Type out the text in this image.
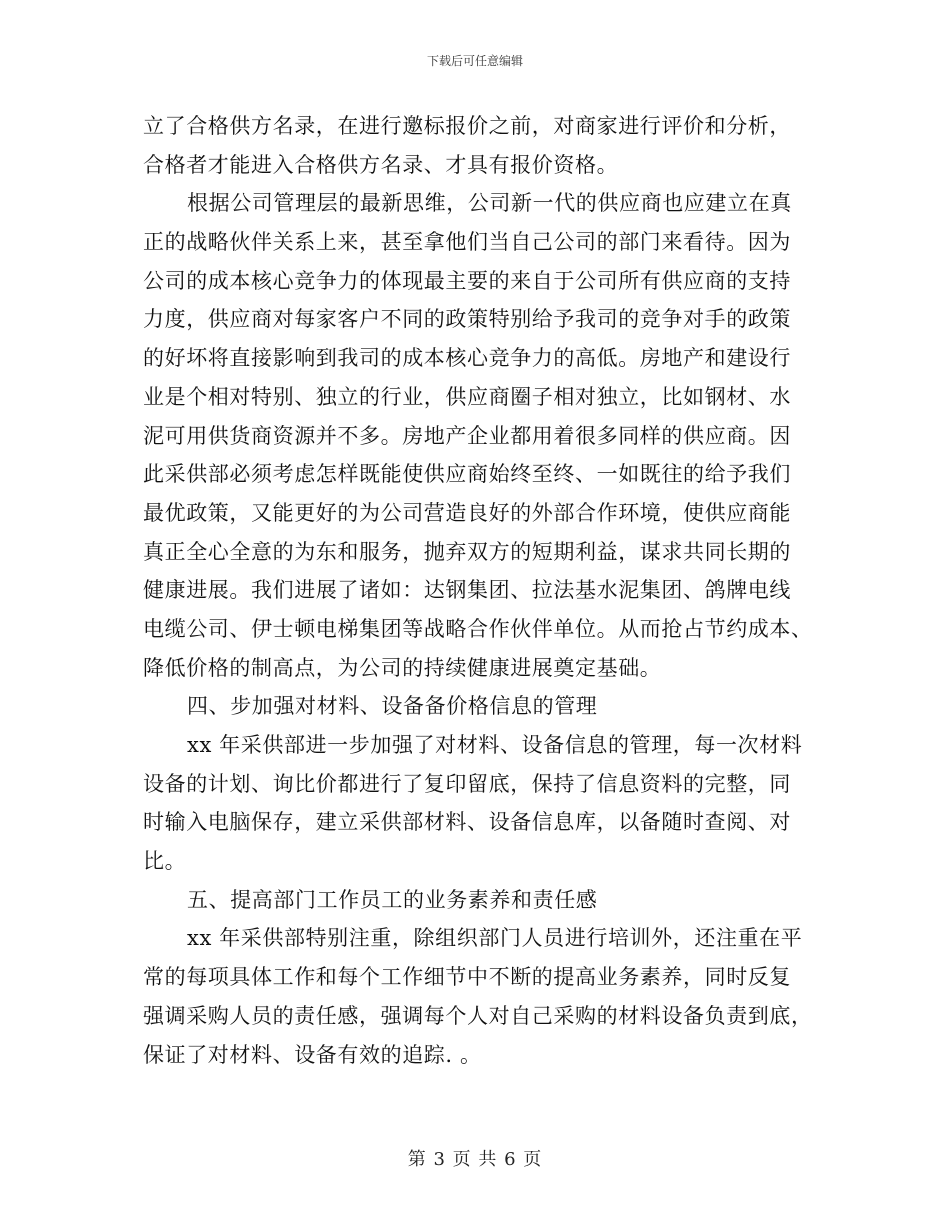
下载后可任意编辑
立了合格供方名录，在进行邀标报价之前，对商家进行评价和分析，
合格者才能进入合格供方名录、才具有报价资格。
根据公司管理层的最新思维，公司新一代的供应商也应建立在真
正的战略伙伴关系上来，甚至拿他们当自己公司的部门来看待。因为
公司的成本核心竞争力的体现最主要的来自于公司所有供应商的支持
力度，供应商对每家客户不同的政策特别给予我司的竞争对手的政策
的好坏将直接影响到我司的成本核心竞争力的高低。房地产和建设行
业是个相对特别、独立的行业，供应商圈子相对独立，比如钢材、水
泥可用供货商资源并不多。房地产企业都用着很多同样的供应商。因
此采供部必须考虑怎样既能使供应商始终至终、一如既往的给予我们
最优政策，又能更好的为公司营造良好的外部合作环境，使供应商能
真正全心全意的为东和服务，抛弃双方的短期利益，谋求共同长期的
健康进展。我们进展了诸如：达钢集团、拉法基水泥集团、鸽牌电线
电缆公司、伊士顿电梯集团等战略合作伙伴单位。从而抢占节约成本、
降低价格的制高点，为公司的持续健康进展奠定基础。
四、步加强对材料、设备备价格信息的管理
xx 年采供部进一步加强了对材料、设备信息的管理，每一次材料
设备的计划、询比价都进行了复印留底，保持了信息资料的完整，同
时输入电脑保存，建立采供部材料、设备信息库，以备随时查阅、对
比。
五、提高部门工作员工的业务素养和责任感
xx 年采供部特别注重，除组织部门人员进行培训外，还注重在平
常的每项具体工作和每个工作细节中不断的提高业务素养，同时反复
强调采购人员的责任感，强调每个人对自己采购的材料设备负责到底，
保证了对材料、设备有效的追踪. 。
第 3 页 共 6 页
